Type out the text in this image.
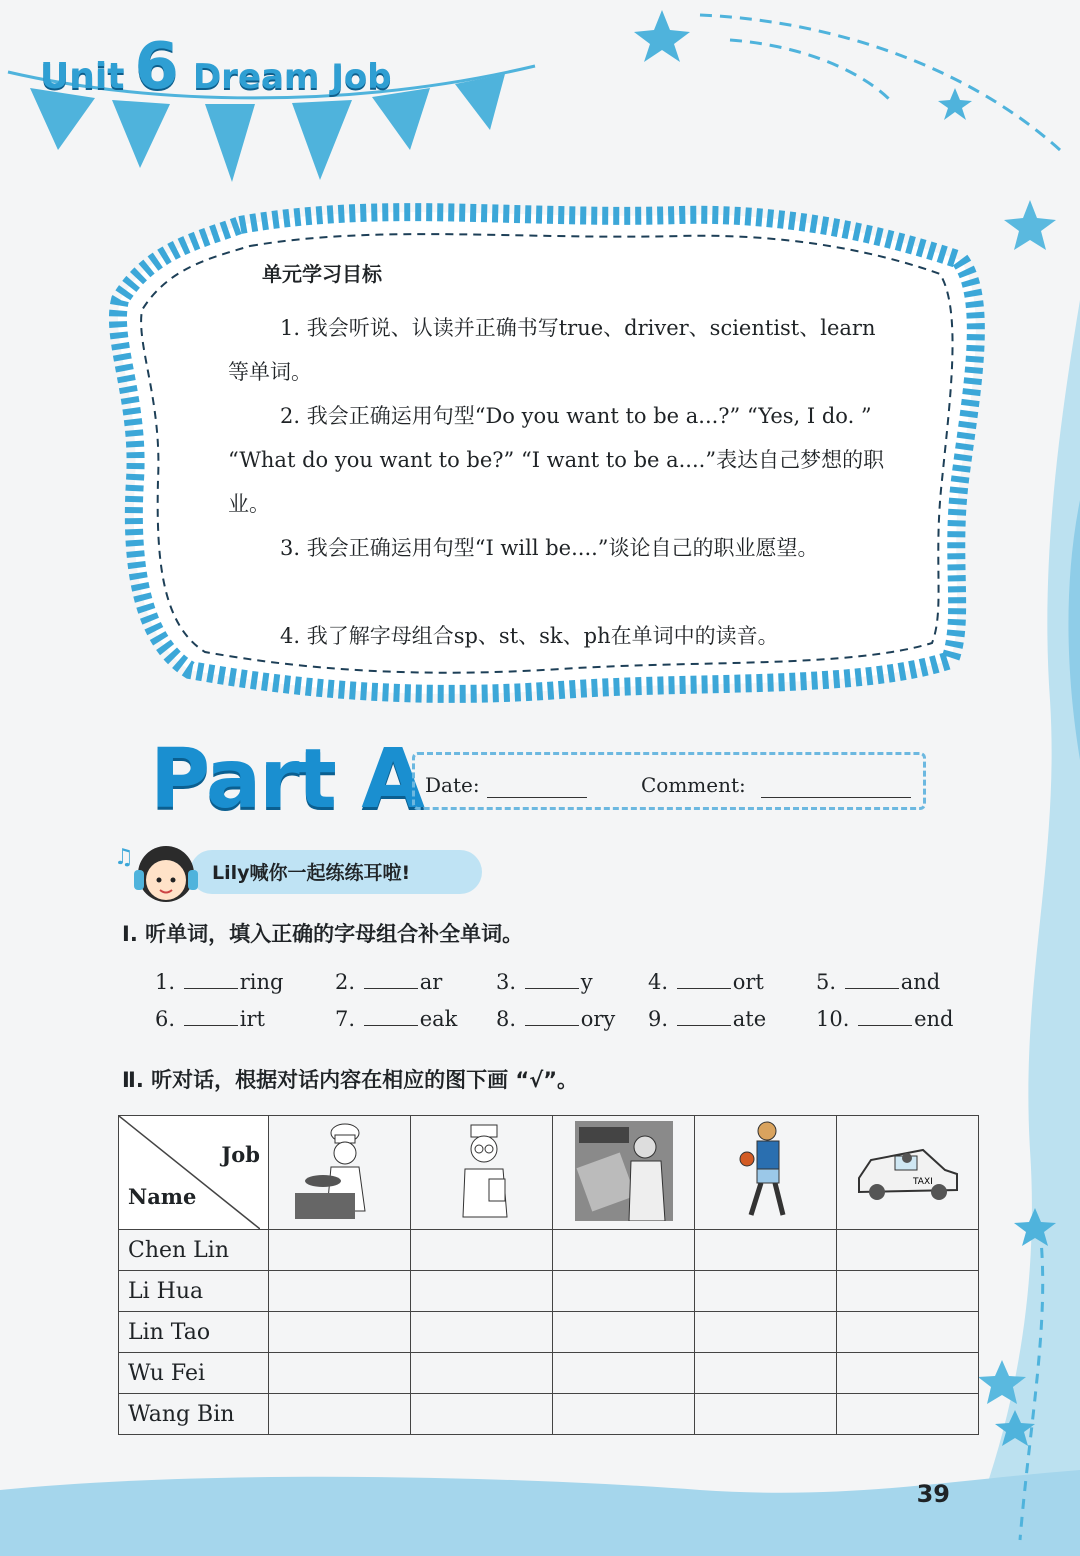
Unit 6 Dream Job
单元学习目标
1. 我会听说、认读并正确书写true、driver、scientist、learn等单词。
2. 我会正确运用句型“Do you want to be a...?” “Yes, I do. ” “What do you want to be?” “I want to be a....”表达自己梦想的职业。
3. 我会正确运用句型“I will be....”谈论自己的职业愿望。
4. 我了解字母组合sp、st、sk、ph在单词中的读音。
Part A Date:	Comment:
♫
Lily喊你一起练练耳啦!
Ⅰ. 听单词，填入正确的字母组合补全单词。
1.	ring 2.	ar	3.	y	4.	ort 5.	and
6.	irt	7.	eak 8.	ory 9.	ate 10.	end
Ⅱ. 听对话，根据对话内容在相应的图下画 “√”。
Job
Name					TAXI

Chen Lin					
Li Hua					
Lin Tao					
Wu Fei					
Wang Bin					
39
